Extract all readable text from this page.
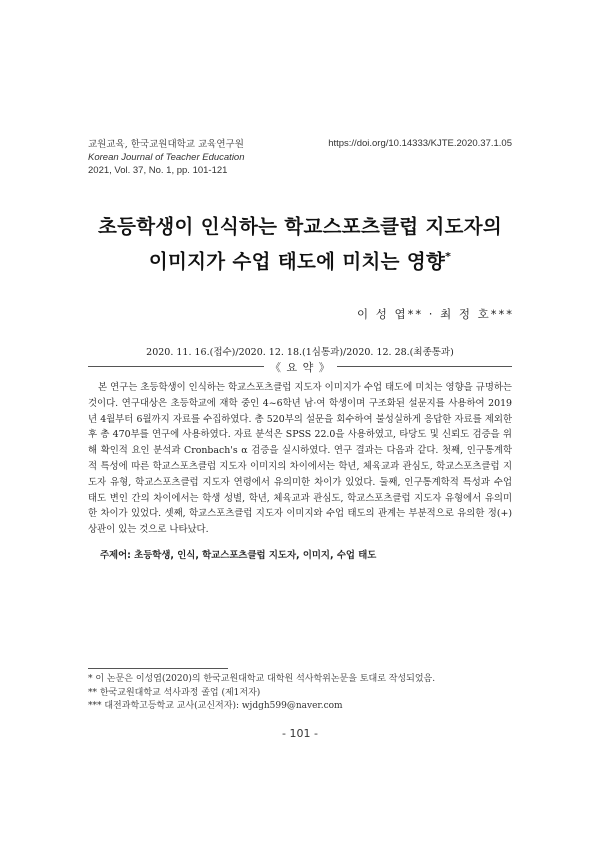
교원교육, 한국교원대학교 교육연구원
Korean Journal of Teacher Education
2021, Vol. 37, No. 1, pp. 101-121
https://doi.org/10.14333/KJTE.2020.37.1.05
초등학생이 인식하는 학교스포츠클럽 지도자의
이미지가 수업 태도에 미치는 영향*
이 성 엽** · 최 정 호***
2020. 11. 16.(접수)/2020. 12. 18.(1심통과)/2020. 12. 28.(최종통과)
《 요 약 》
본 연구는 초등학생이 인식하는 학교스포츠클럽 지도자 이미지가 수업 태도에 미치는 영향을 규명하는 것이다. 연구대상은 초등학교에 재학 중인 4~6학년 남·여 학생이며 구조화된 설문지를 사용하여 2019년 4월부터 6월까지 자료를 수집하였다. 총 520부의 설문을 회수하여 불성실하게 응답한 자료를 제외한 후 총 470부를 연구에 사용하였다. 자료 분석은 SPSS 22.0을 사용하였고, 타당도 및 신뢰도 검증을 위해 확인적 요인 분석과 Cronbach's α 검증을 실시하였다. 연구 결과는 다음과 같다. 첫째, 인구통계학적 특성에 따른 학교스포츠클럽 지도자 이미지의 차이에서는 학년, 체육교과 관심도, 학교스포츠클럽 지도자 유형, 학교스포츠클럽 지도자 연령에서 유의미한 차이가 있었다. 둘째, 인구통계학적 특성과 수업 태도 변인 간의 차이에서는 학생 성별, 학년, 체육교과 관심도, 학교스포츠클럽 지도자 유형에서 유의미한 차이가 있었다. 셋째, 학교스포츠클럽 지도자 이미지와 수업 태도의 관계는 부분적으로 유의한 정(+)상관이 있는 것으로 나타났다.
주제어: 초등학생, 인식, 학교스포츠클럽 지도자, 이미지, 수업 태도
* 이 논문은 이성엽(2020)의 한국교원대학교 대학원 석사학위논문을 토대로 작성되었음.
** 한국교원대학교 석사과정 졸업 (제1저자)
*** 대전과학고등학교 교사(교신저자): wjdgh599@naver.com
- 101 -
